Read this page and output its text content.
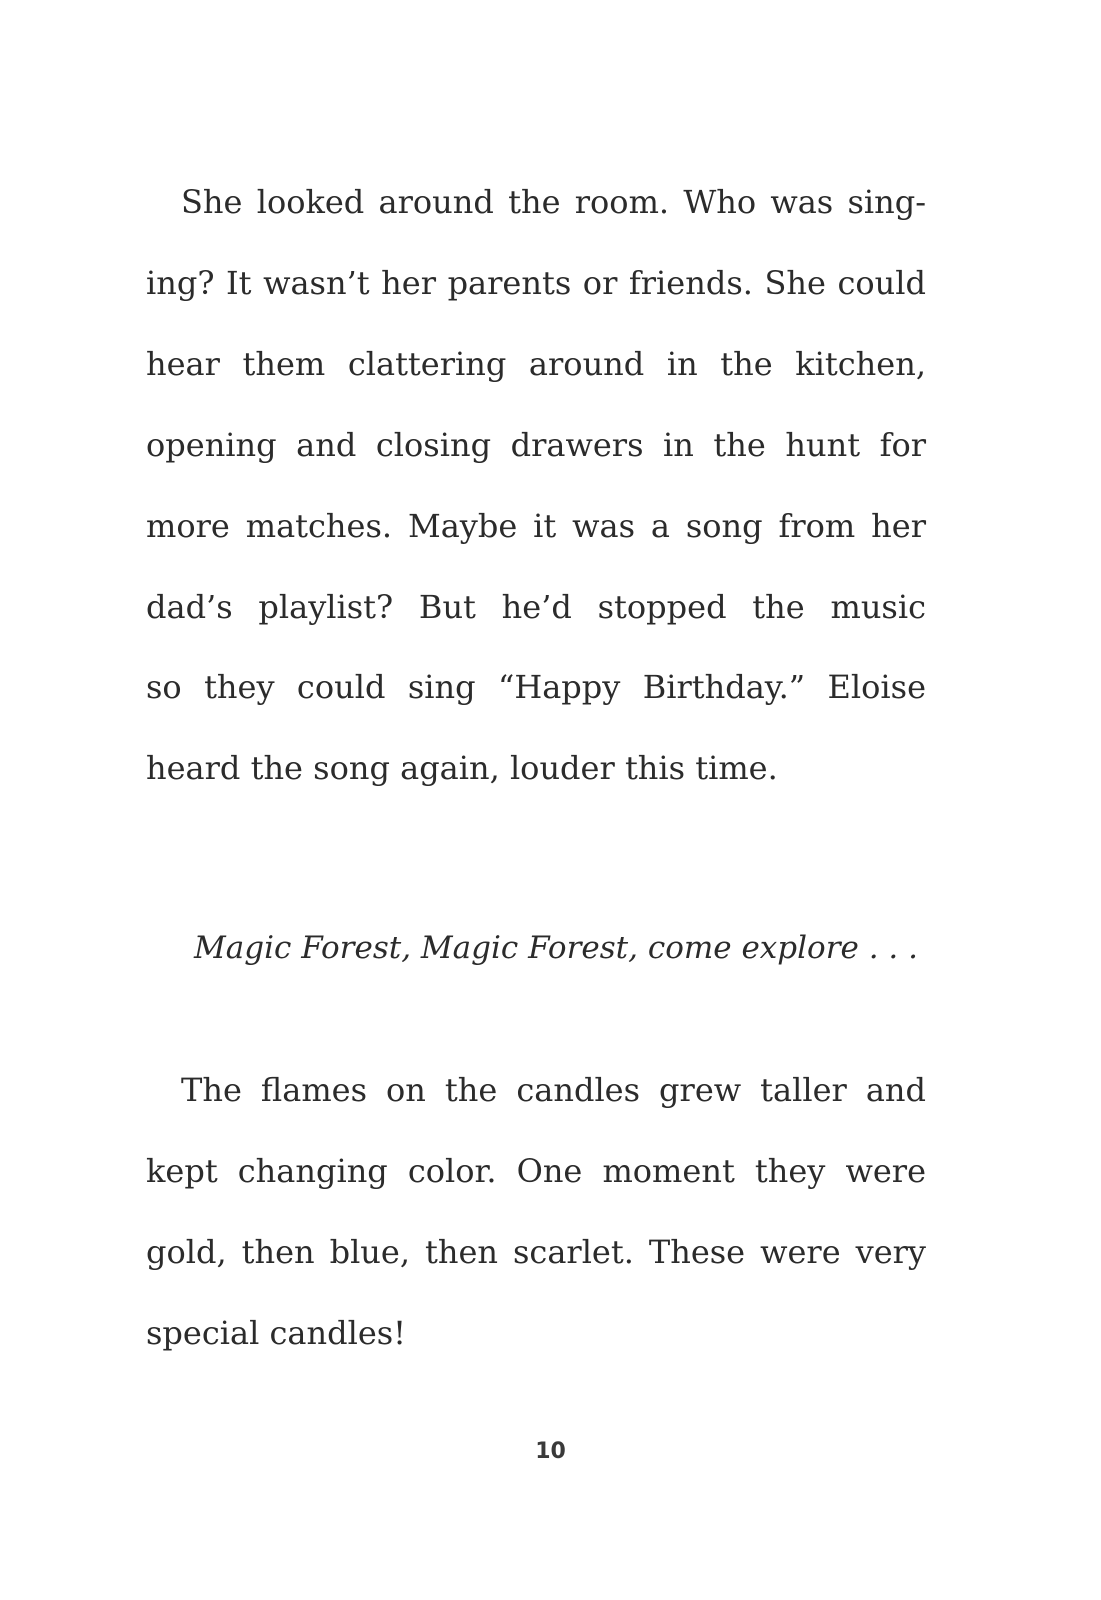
She looked around the room. Who was sing-
ing? It wasn’t her parents or friends. She could
hear them clattering around in the kitchen,
opening and closing drawers in the hunt for
more matches. Maybe it was a song from her
dad’s playlist? But he’d stopped the music
so they could sing “Happy Birthday.” Eloise
heard the song again, louder this time.
Magic Forest, Magic Forest, come explore . . .
The flames on the candles grew taller and
kept changing color. One moment they were
gold, then blue, then scarlet. These were very
special candles!
10
